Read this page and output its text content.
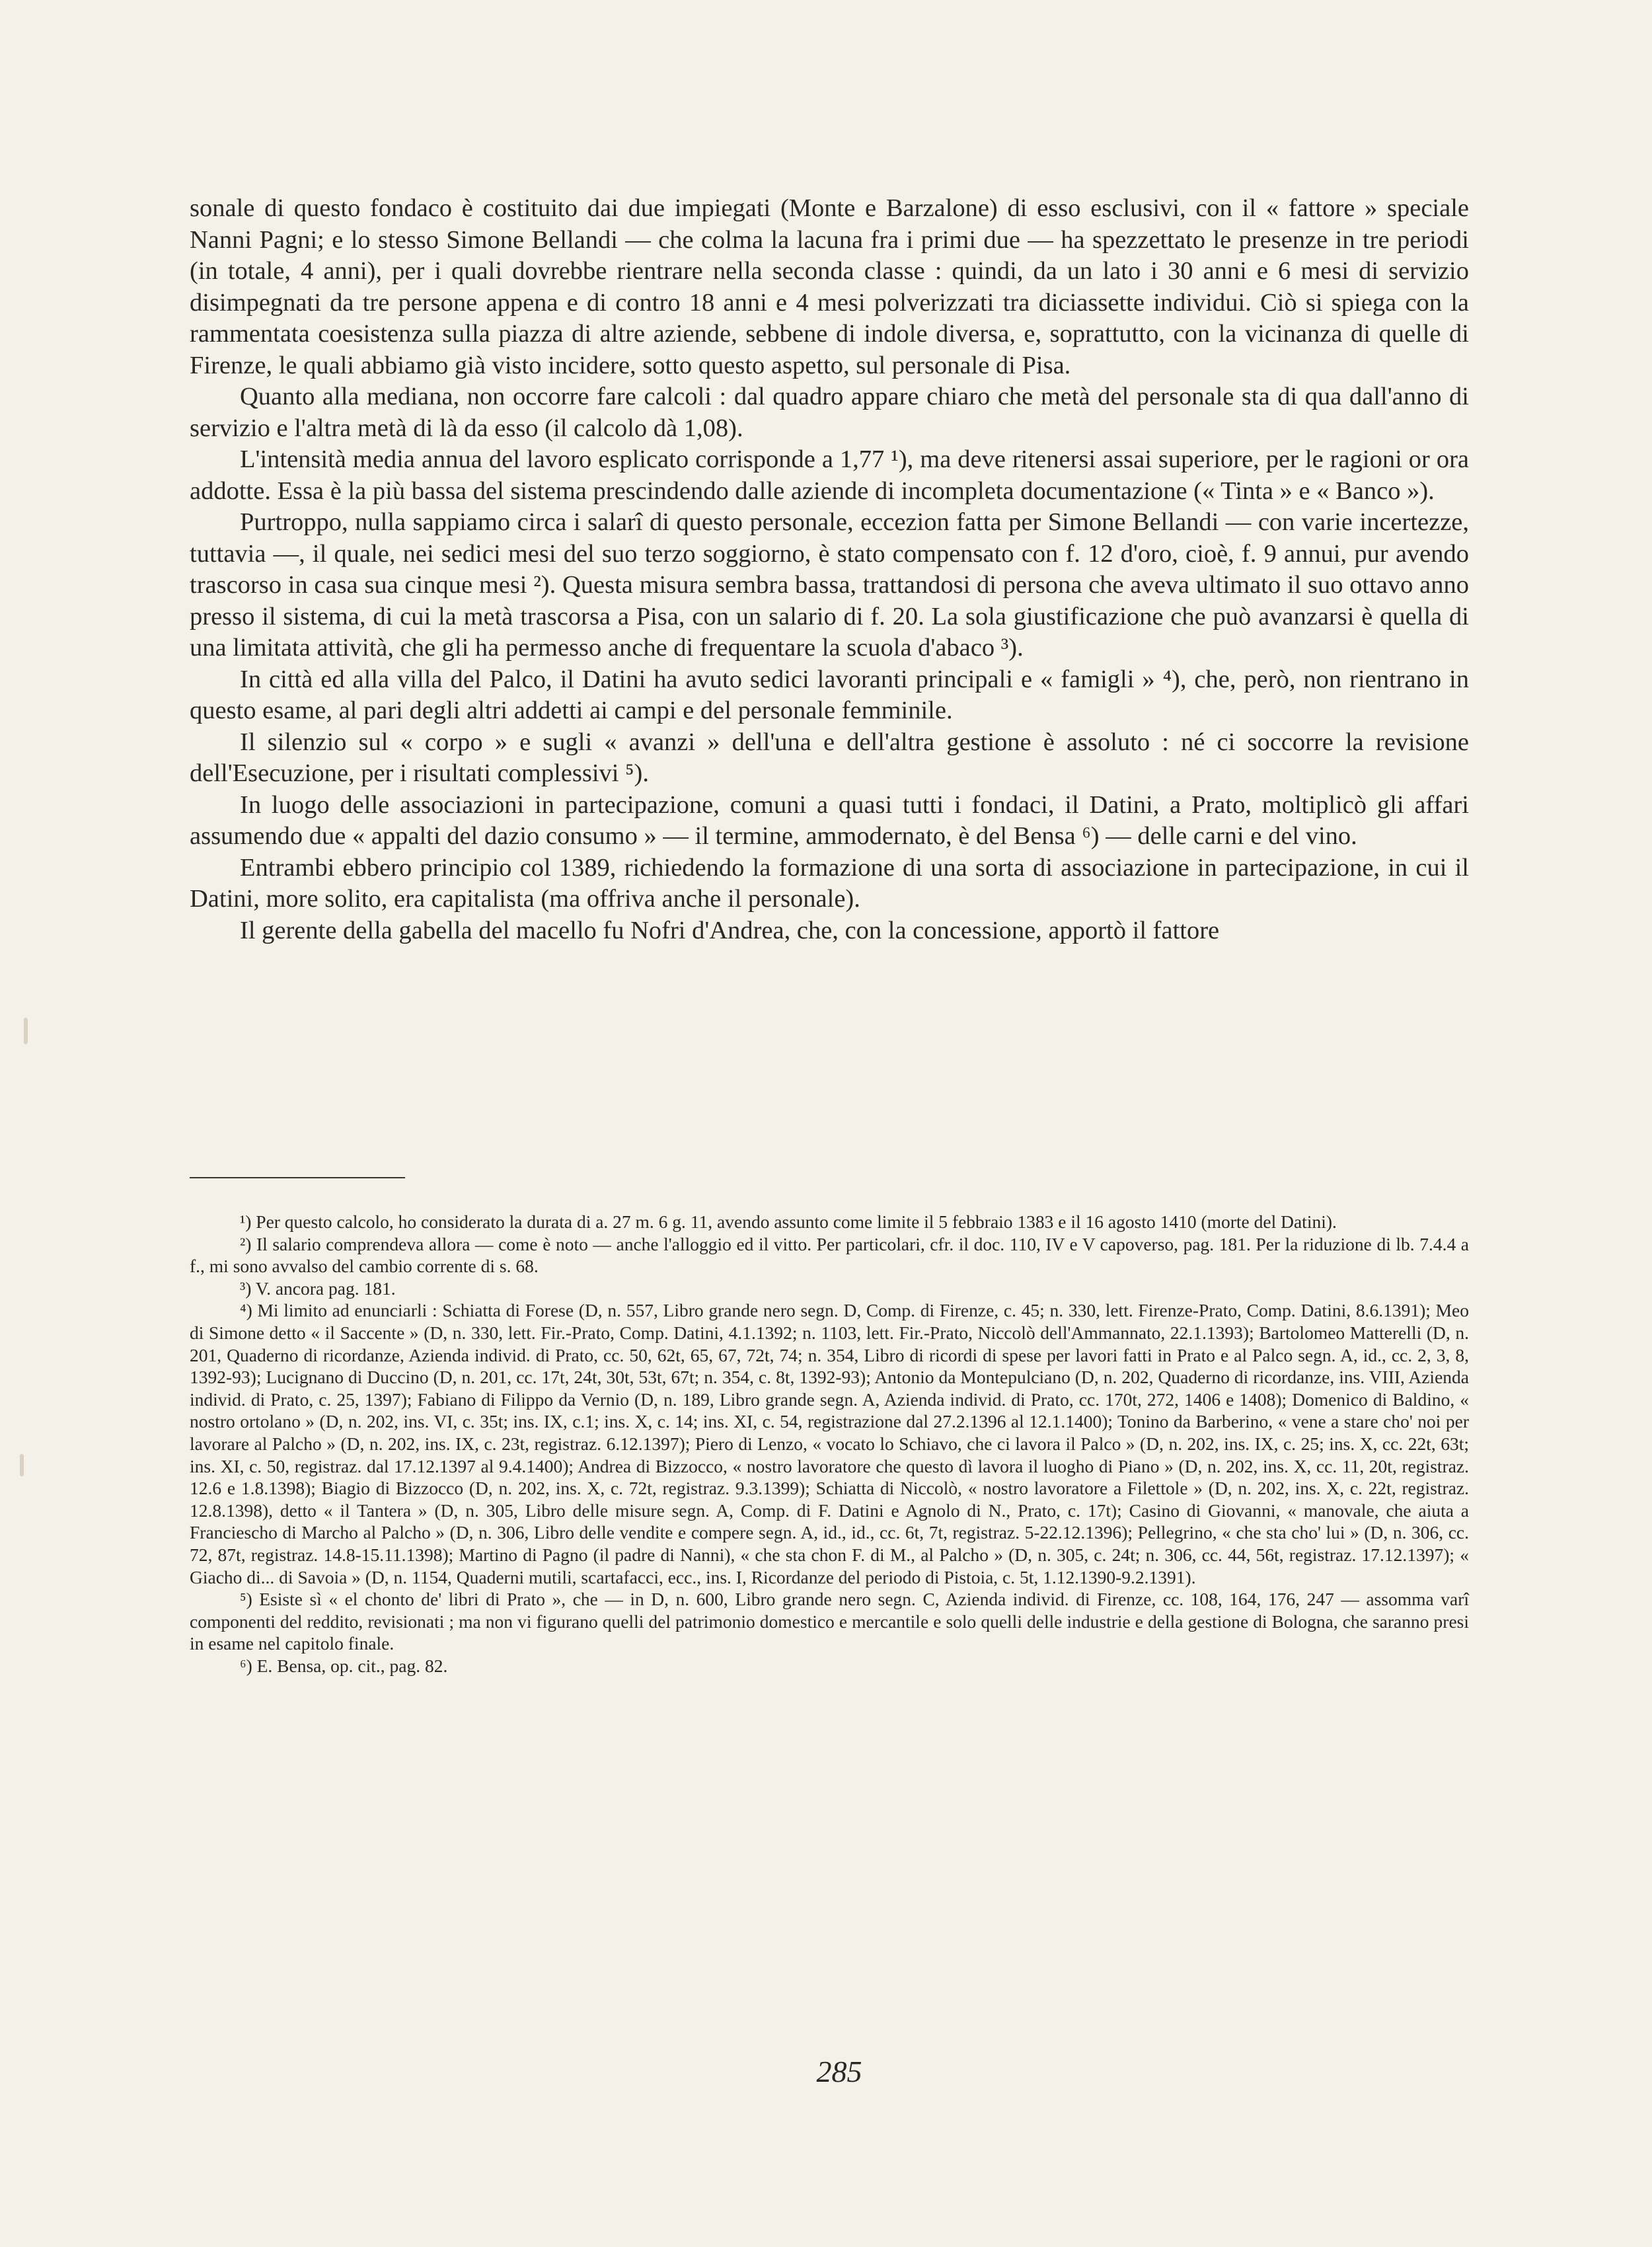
sonale di questo fondaco è costituito dai due impiegati (Monte e Barzalone) di esso esclusivi, con il « fattore » speciale Nanni Pagni; e lo stesso Simone Bellandi — che colma la lacuna fra i primi due — ha spezzettato le presenze in tre periodi (in totale, 4 anni), per i quali dovrebbe rientrare nella seconda classe : quindi, da un lato i 30 anni e 6 mesi di servizio disimpegnati da tre persone appena e di contro 18 anni e 4 mesi polverizzati tra diciassette individui. Ciò si spiega con la rammentata coesistenza sulla piazza di altre aziende, sebbene di indole diversa, e, soprattutto, con la vicinanza di quelle di Firenze, le quali abbiamo già visto incidere, sotto questo aspetto, sul personale di Pisa.

Quanto alla mediana, non occorre fare calcoli : dal quadro appare chiaro che metà del personale sta di qua dall'anno di servizio e l'altra metà di là da esso (il calcolo dà 1,08).

L'intensità media annua del lavoro esplicato corrisponde a 1,77 ¹), ma deve ritenersi assai superiore, per le ragioni or ora addotte. Essa è la più bassa del sistema prescindendo dalle aziende di incompleta documentazione (« Tinta » e « Banco »).

Purtroppo, nulla sappiamo circa i salarî di questo personale, eccezion fatta per Simone Bellandi — con varie incertezze, tuttavia —, il quale, nei sedici mesi del suo terzo soggiorno, è stato compensato con f. 12 d'oro, cioè, f. 9 annui, pur avendo trascorso in casa sua cinque mesi ²). Questa misura sembra bassa, trattandosi di persona che aveva ultimato il suo ottavo anno presso il sistema, di cui la metà trascorsa a Pisa, con un salario di f. 20. La sola giustificazione che può avanzarsi è quella di una limitata attività, che gli ha permesso anche di frequentare la scuola d'abaco ³).

In città ed alla villa del Palco, il Datini ha avuto sedici lavoranti principali e « famigli » ⁴), che, però, non rientrano in questo esame, al pari degli altri addetti ai campi e del personale femminile.

Il silenzio sul « corpo » e sugli « avanzi » dell'una e dell'altra gestione è assoluto : né ci soccorre la revisione dell'Esecuzione, per i risultati complessivi ⁵).

In luogo delle associazioni in partecipazione, comuni a quasi tutti i fondaci, il Datini, a Prato, moltiplicò gli affari assumendo due « appalti del dazio consumo » — il termine, ammodernato, è del Bensa ⁶) — delle carni e del vino.

Entrambi ebbero principio col 1389, richiedendo la formazione di una sorta di associazione in partecipazione, in cui il Datini, more solito, era capitalista (ma offriva anche il personale).

Il gerente della gabella del macello fu Nofri d'Andrea, che, con la concessione, apportò il fattore

¹) Per questo calcolo, ho considerato la durata di a. 27 m. 6 g. 11, avendo assunto come limite il 5 febbraio 1383 e il 16 agosto 1410 (morte del Datini).

²) Il salario comprendeva allora — come è noto — anche l'alloggio ed il vitto. Per particolari, cfr. il doc. 110, IV e V capoverso, pag. 181. Per la riduzione di lb. 7.4.4 a f., mi sono avvalso del cambio corrente di s. 68.

³) V. ancora pag. 181.

⁴) Mi limito ad enunciarli : Schiatta di Forese (D, n. 557, Libro grande nero segn. D, Comp. di Firenze, c. 45; n. 330, lett. Firenze-Prato, Comp. Datini, 8.6.1391); Meo di Simone detto « il Saccente » (D, n. 330, lett. Fir.-Prato, Comp. Datini, 4.1.1392; n. 1103, lett. Fir.-Prato, Niccolò dell'Ammannato, 22.1.1393); Bartolomeo Matterelli (D, n. 201, Quaderno di ricordanze, Azienda individ. di Prato, cc. 50, 62t, 65, 67, 72t, 74; n. 354, Libro di ricordi di spese per lavori fatti in Prato e al Palco segn. A, id., cc. 2, 3, 8, 1392-93); Lucignano di Duccino (D, n. 201, cc. 17t, 24t, 30t, 53t, 67t; n. 354, c. 8t, 1392-93); Antonio da Montepulciano (D, n. 202, Quaderno di ricordanze, ins. VIII, Azienda individ. di Prato, c. 25, 1397); Fabiano di Filippo da Vernio (D, n. 189, Libro grande segn. A, Azienda individ. di Prato, cc. 170t, 272, 1406 e 1408); Domenico di Baldino, « nostro ortolano » (D, n. 202, ins. VI, c. 35t; ins. IX, c.1; ins. X, c. 14; ins. XI, c. 54, registrazione dal 27.2.1396 al 12.1.1400); Tonino da Barberino, « vene a stare cho' noi per lavorare al Palcho » (D, n. 202, ins. IX, c. 23t, registraz. 6.12.1397); Piero di Lenzo, « vocato lo Schiavo, che ci lavora il Palco » (D, n. 202, ins. IX, c. 25; ins. X, cc. 22t, 63t; ins. XI, c. 50, registraz. dal 17.12.1397 al 9.4.1400); Andrea di Bizzocco, « nostro lavoratore che questo dì lavora il luogho di Piano » (D, n. 202, ins. X, cc. 11, 20t, registraz. 12.6 e 1.8.1398); Biagio di Bizzocco (D, n. 202, ins. X, c. 72t, registraz. 9.3.1399); Schiatta di Niccolò, « nostro lavoratore a Filettole » (D, n. 202, ins. X, c. 22t, registraz. 12.8.1398), detto « il Tantera » (D, n. 305, Libro delle misure segn. A, Comp. di F. Datini e Agnolo di N., Prato, c. 17t); Casino di Giovanni, « manovale, che aiuta a Franciescho di Marcho al Palcho » (D, n. 306, Libro delle vendite e compere segn. A, id., id., cc. 6t, 7t, registraz. 5-22.12.1396); Pellegrino, « che sta cho' lui » (D, n. 306, cc. 72, 87t, registraz. 14.8-15.11.1398); Martino di Pagno (il padre di Nanni), « che sta chon F. di M., al Palcho » (D, n. 305, c. 24t; n. 306, cc. 44, 56t, registraz. 17.12.1397); « Giacho di... di Savoia » (D, n. 1154, Quaderni mutili, scartafacci, ecc., ins. I, Ricordanze del periodo di Pistoia, c. 5t, 1.12.1390-9.2.1391).

⁵) Esiste sì « el chonto de' libri di Prato », che — in D, n. 600, Libro grande nero segn. C, Azienda individ. di Firenze, cc. 108, 164, 176, 247 — assomma varî componenti del reddito, revisionati ; ma non vi figurano quelli del patrimonio domestico e mercantile e solo quelli delle industrie e della gestione di Bologna, che saranno presi in esame nel capitolo finale.

⁶) E. Bensa, op. cit., pag. 82.

285
